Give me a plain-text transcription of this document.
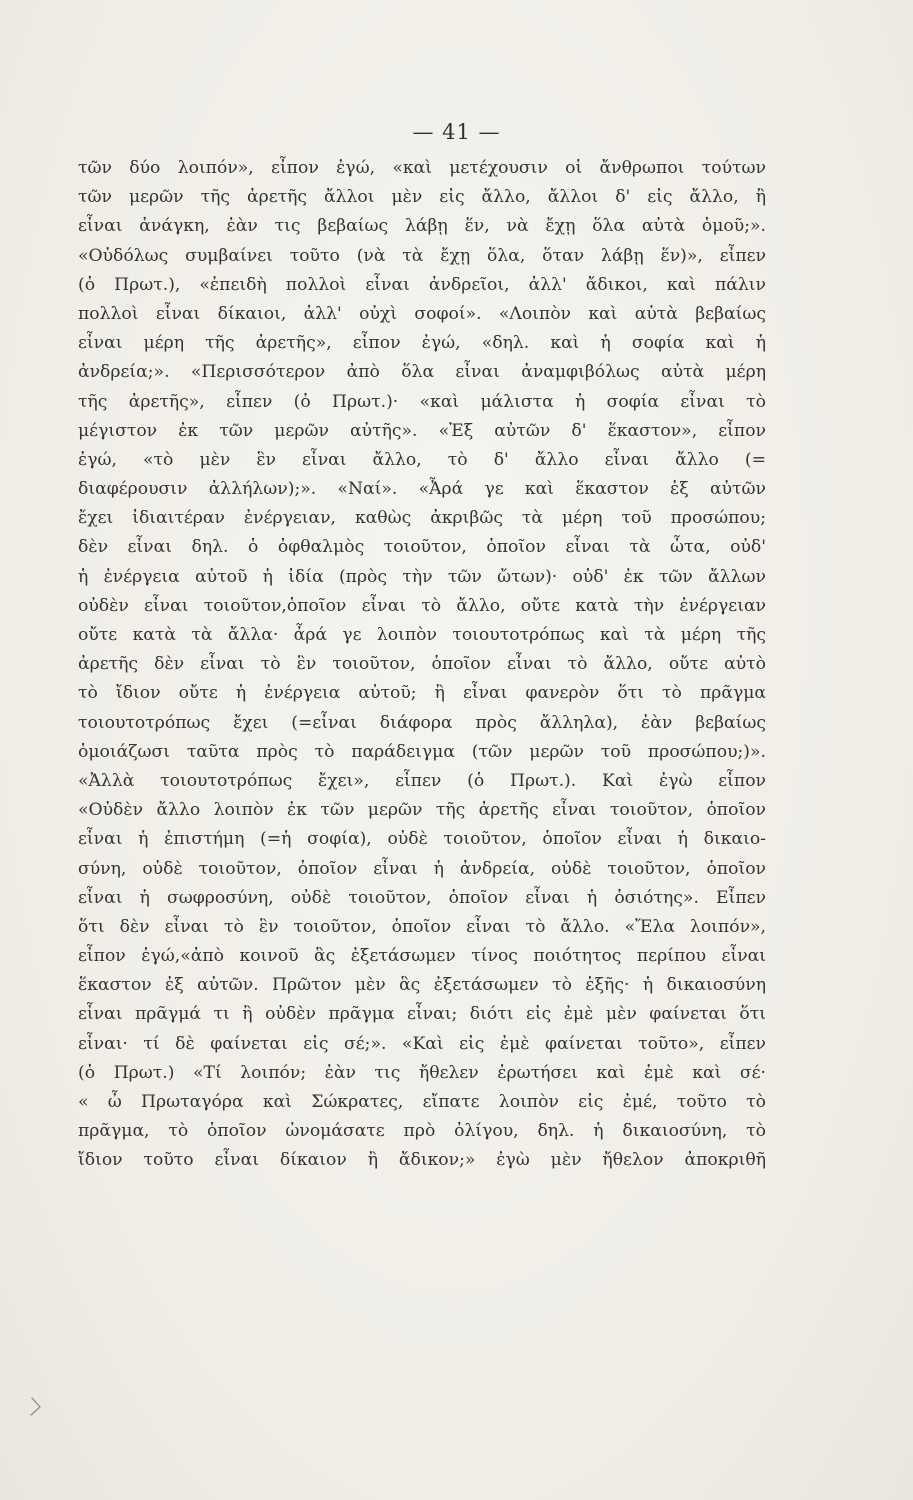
— 41 —
τῶν δύο λοιπόν», εἶπον ἐγώ, «καὶ μετέχουσιν οἱ ἄνθρωποι τούτων
τῶν μερῶν τῆς ἀρετῆς ἄλλοι μὲν εἰς ἄλλο, ἄλλοι δ' εἰς ἄλλο, ἢ
εἶναι ἀνάγκη, ἐὰν τις βεβαίως λάβῃ ἕν, νὰ ἔχῃ ὅλα αὐτὰ ὁμοῦ;».
«Οὐδόλως συμβαίνει τοῦτο (νὰ τὰ ἔχῃ ὅλα, ὅταν λάβῃ ἕν)», εἶπεν
(ὁ Πρωτ.), «ἐπειδὴ πολλοὶ εἶναι ἀνδρεῖοι, ἀλλ' ἄδικοι, καὶ πάλιν
πολλοὶ εἶναι δίκαιοι, ἀλλ' οὐχὶ σοφοί». «Λοιπὸν καὶ αὐτὰ βεβαίως
εἶναι μέρη τῆς ἀρετῆς», εἶπον ἐγώ, «δηλ. καὶ ἡ σοφία καὶ ἡ
ἀνδρεία;». «Περισσότερον ἀπὸ ὅλα εἶναι ἀναμφιβόλως αὐτὰ μέρη
τῆς ἀρετῆς», εἶπεν (ὁ Πρωτ.)· «καὶ μάλιστα ἡ σοφία εἶναι τὸ
μέγιστον ἐκ τῶν μερῶν αὐτῆς». «Ἐξ αὐτῶν δ' ἕκαστον», εἶπον
ἐγώ, «τὸ μὲν ἓν εἶναι ἄλλο, τὸ δ' ἄλλο εἶναι ἄλλο (=
διαφέρουσιν ἀλλήλων);». «Ναί». «Ἆρά γε καὶ ἕκαστον ἐξ αὐτῶν
ἔχει ἰδιαιτέραν ἐνέργειαν, καθὼς ἀκριβῶς τὰ μέρη τοῦ προσώπου;
δὲν εἶναι δηλ. ὁ ὀφθαλμὸς τοιοῦτον, ὁποῖον εἶναι τὰ ὦτα, οὐδ'
ἡ ἐνέργεια αὐτοῦ ἡ ἰδία (πρὸς τὴν τῶν ὤτων)· οὐδ' ἐκ τῶν ἄλλων
οὐδὲν εἶναι τοιοῦτον,ὁποῖον εἶναι τὸ ἄλλο, οὔτε κατὰ τὴν ἐνέργειαν
οὔτε κατὰ τὰ ἄλλα· ἆρά γε λοιπὸν τοιουτοτρόπως καὶ τὰ μέρη τῆς
ἀρετῆς δὲν εἶναι τὸ ἓν τοιοῦτον, ὁποῖον εἶναι τὸ ἄλλο, οὔτε αὐτὸ
τὸ ἴδιον οὔτε ἡ ἐνέργεια αὐτοῦ; ἢ εἶναι φανερὸν ὅτι τὸ πρᾶγμα
τοιουτοτρόπως ἔχει (=εἶναι διάφορα πρὸς ἄλληλα), ἐὰν βεβαίως
ὁμοιάζωσι ταῦτα πρὸς τὸ παράδειγμα (τῶν μερῶν τοῦ προσώπου;)».
«Ἀλλὰ τοιουτοτρόπως ἔχει», εἶπεν (ὁ Πρωτ.). Καὶ ἐγὼ εἶπον
«Οὐδὲν ἄλλο λοιπὸν ἐκ τῶν μερῶν τῆς ἀρετῆς εἶναι τοιοῦτον, ὁποῖον
εἶναι ἡ ἐπιστήμη (=ἡ σοφία), οὐδὲ τοιοῦτον, ὁποῖον εἶναι ἡ δικαιο-
σύνη, οὐδὲ τοιοῦτον, ὁποῖον εἶναι ἡ ἀνδρεία, οὐδὲ τοιοῦτον, ὁποῖον
εἶναι ἡ σωφροσύνη, οὐδὲ τοιοῦτον, ὁποῖον εἶναι ἡ ὁσιότης». Εἶπεν
ὅτι δὲν εἶναι τὸ ἓν τοιοῦτον, ὁποῖον εἶναι τὸ ἄλλο. «Ἔλα λοιπόν»,
εἶπον ἐγώ,«ἀπὸ κοινοῦ ἃς ἐξετάσωμεν τίνος ποιότητος περίπου εἶναι
ἕκαστον ἐξ αὐτῶν. Πρῶτον μὲν ἃς ἐξετάσωμεν τὸ ἑξῆς· ἡ δικαιοσύνη
εἶναι πρᾶγμά τι ἢ οὐδὲν πρᾶγμα εἶναι; διότι εἰς ἐμὲ μὲν φαίνεται ὅτι
εἶναι· τί δὲ φαίνεται εἰς σέ;». «Καὶ εἰς ἐμὲ φαίνεται τοῦτο», εἶπεν
(ὁ Πρωτ.) «Τί λοιπόν; ἐὰν τις ἤθελεν ἐρωτήσει καὶ ἐμὲ καὶ σέ·
« ὦ Πρωταγόρα καὶ Σώκρατες, εἴπατε λοιπὸν εἰς ἐμέ, τοῦτο τὸ
πρᾶγμα, τὸ ὁποῖον ὠνομάσατε πρὸ ὀλίγου, δηλ. ἡ δικαιοσύνη, τὸ
ἴδιον τοῦτο εἶναι δίκαιον ἢ ἄδικον;» ἐγὼ μὲν ἤθελον ἀποκριθῆ
